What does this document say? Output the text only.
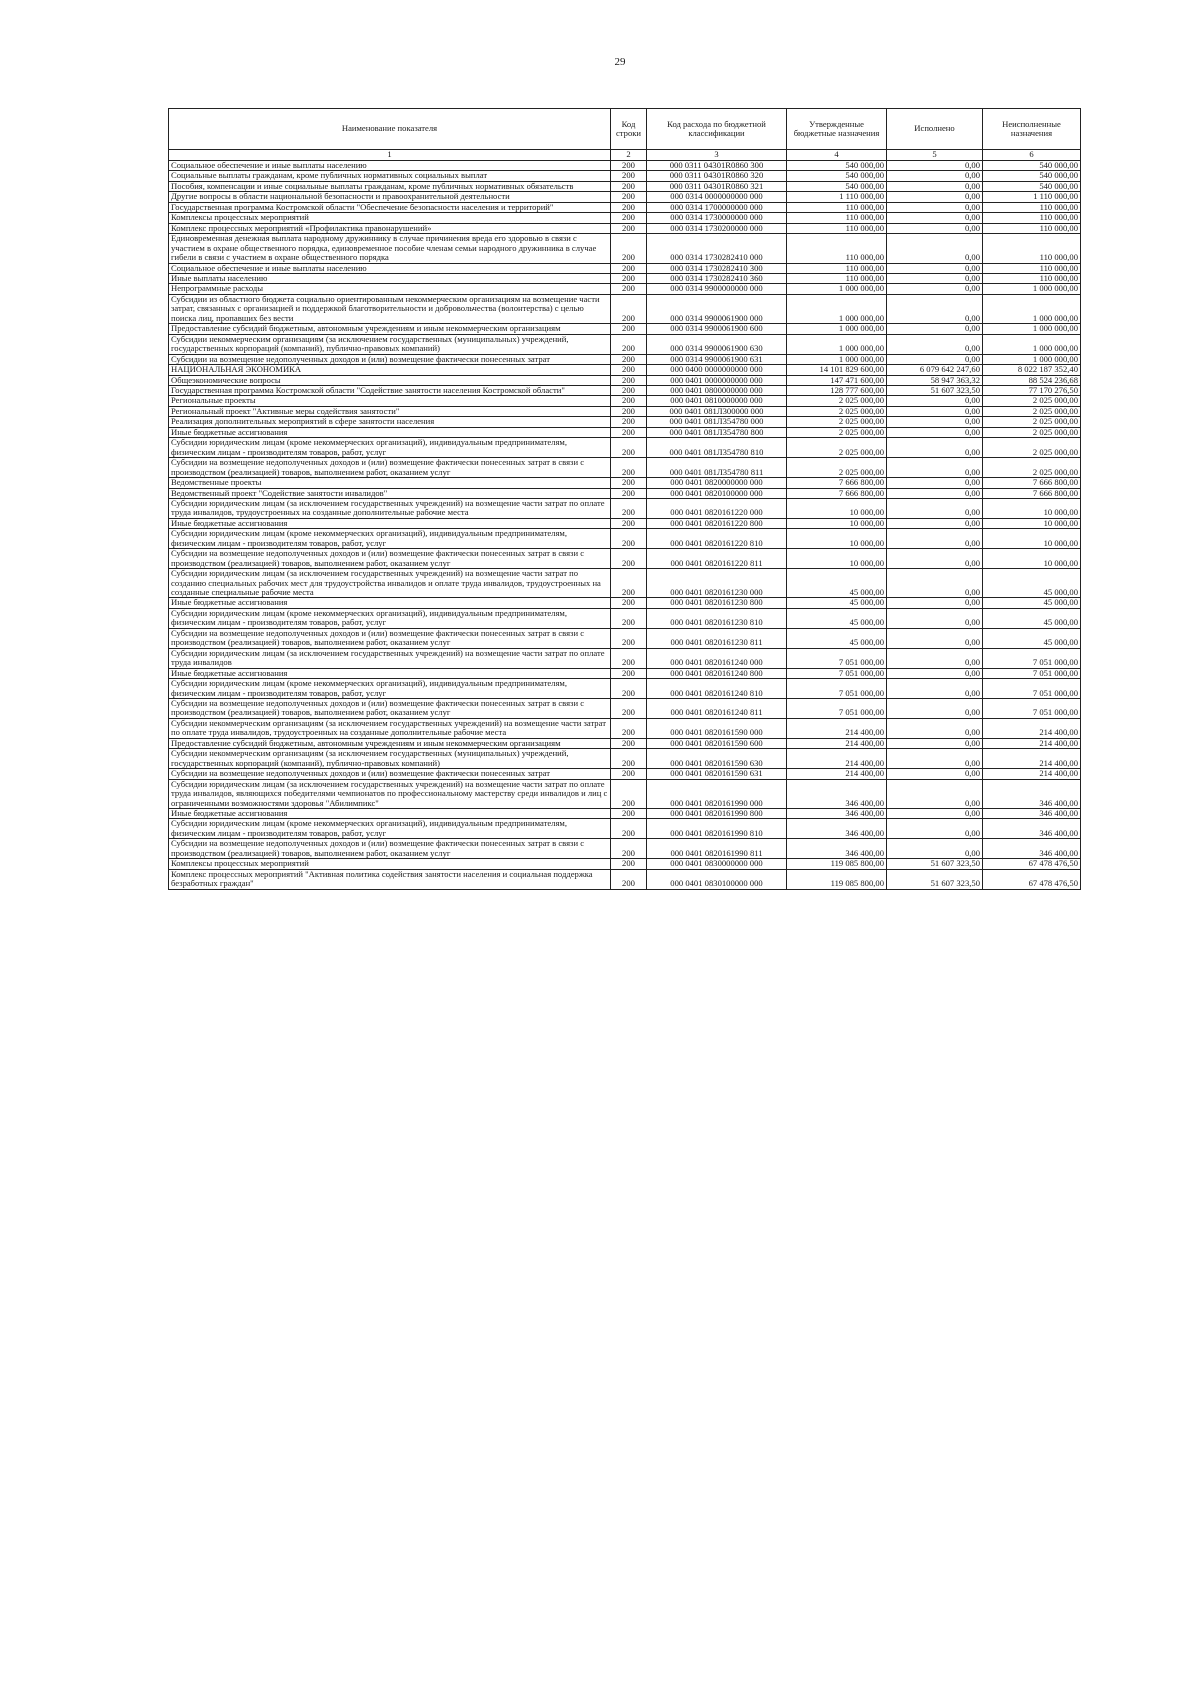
29
Наименование показателя	Код строки	Код расхода по бюджетной классификации	Утвержденные бюджетные назначения	Исполнено	Неисполненные назначения
1	2	3	4	5	6
Социальное обеспечение и иные выплаты населению	200	000 0311 04301R0860 300	540 000,00	0,00	540 000,00
Социальные выплаты гражданам, кроме публичных нормативных социальных выплат	200	000 0311 04301R0860 320	540 000,00	0,00	540 000,00
Пособия, компенсации и иные социальные выплаты гражданам, кроме публичных нормативных обязательств	200	000 0311 04301R0860 321	540 000,00	0,00	540 000,00
Другие вопросы в области национальной безопасности и правоохранительной деятельности	200	000 0314 0000000000 000	1 110 000,00	0,00	1 110 000,00
Государственная программа Костромской области "Обеспечение безопасности населения и территорий"	200	000 0314 1700000000 000	110 000,00	0,00	110 000,00
Комплексы процессных мероприятий	200	000 0314 1730000000 000	110 000,00	0,00	110 000,00
Комплекс процессных мероприятий «Профилактика правонарушений»	200	000 0314 1730200000 000	110 000,00	0,00	110 000,00
Единовременная денежная выплата народному дружиннику в случае причинения вреда его здоровью в связи с участием в охране общественного порядка, единовременное пособие членам семьи народного дружинника в случае гибели в связи с участием в охране общественного порядка	200	000 0314 1730282410 000	110 000,00	0,00	110 000,00
Социальное обеспечение и иные выплаты населению	200	000 0314 1730282410 300	110 000,00	0,00	110 000,00
Иные выплаты населению	200	000 0314 1730282410 360	110 000,00	0,00	110 000,00
Непрограммные расходы	200	000 0314 9900000000 000	1 000 000,00	0,00	1 000 000,00
Субсидии из областного бюджета социально ориентированным некоммерческим организациям на возмещение части затрат, связанных с организацией и поддержкой благотворительности и добровольчества (волонтерства) с целью поиска лиц, пропавших без вести	200	000 0314 9900061900 000	1 000 000,00	0,00	1 000 000,00
Предоставление субсидий бюджетным, автономным учреждениям и иным некоммерческим организациям	200	000 0314 9900061900 600	1 000 000,00	0,00	1 000 000,00
Субсидии некоммерческим организациям (за исключением государственных (муниципальных) учреждений, государственных корпораций (компаний), публично-правовых компаний)	200	000 0314 9900061900 630	1 000 000,00	0,00	1 000 000,00
Субсидии на возмещение недополученных доходов и (или) возмещение фактически понесенных затрат	200	000 0314 9900061900 631	1 000 000,00	0,00	1 000 000,00
НАЦИОНАЛЬНАЯ ЭКОНОМИКА	200	000 0400 0000000000 000	14 101 829 600,00	6 079 642 247,60	8 022 187 352,40
Общеэкономические вопросы	200	000 0401 0000000000 000	147 471 600,00	58 947 363,32	88 524 236,68
Государственная программа Костромской области "Содействие занятости населения Костромской области"	200	000 0401 0800000000 000	128 777 600,00	51 607 323,50	77 170 276,50
Региональные проекты	200	000 0401 0810000000 000	2 025 000,00	0,00	2 025 000,00
Региональный проект "Активные меры содействия занятости"	200	000 0401 081Л300000 000	2 025 000,00	0,00	2 025 000,00
Реализация дополнительных мероприятий в сфере занятости населения	200	000 0401 081Л354780 000	2 025 000,00	0,00	2 025 000,00
Иные бюджетные ассигнования	200	000 0401 081Л354780 800	2 025 000,00	0,00	2 025 000,00
Субсидии юридическим лицам (кроме некоммерческих организаций), индивидуальным предпринимателям, физическим лицам - производителям товаров, работ, услуг	200	000 0401 081Л354780 810	2 025 000,00	0,00	2 025 000,00
Субсидии на возмещение недополученных доходов и (или) возмещение фактически понесенных затрат в связи с производством (реализацией) товаров, выполнением работ, оказанием услуг	200	000 0401 081Л354780 811	2 025 000,00	0,00	2 025 000,00
Ведомственные проекты	200	000 0401 0820000000 000	7 666 800,00	0,00	7 666 800,00
Ведомственный проект "Содействие занятости инвалидов"	200	000 0401 0820100000 000	7 666 800,00	0,00	7 666 800,00
Субсидии юридическим лицам (за исключением государственных учреждений) на возмещение части затрат по оплате труда инвалидов, трудоустроенных на созданные дополнительные рабочие места	200	000 0401 0820161220 000	10 000,00	0,00	10 000,00
Иные бюджетные ассигнования	200	000 0401 0820161220 800	10 000,00	0,00	10 000,00
Субсидии юридическим лицам (кроме некоммерческих организаций), индивидуальным предпринимателям, физическим лицам - производителям товаров, работ, услуг	200	000 0401 0820161220 810	10 000,00	0,00	10 000,00
Субсидии на возмещение недополученных доходов и (или) возмещение фактически понесенных затрат в связи с производством (реализацией) товаров, выполнением работ, оказанием услуг	200	000 0401 0820161220 811	10 000,00	0,00	10 000,00
Субсидии юридическим лицам (за исключением государственных учреждений) на возмещение части затрат по созданию специальных рабочих мест для трудоустройства инвалидов и оплате труда инвалидов, трудоустроенных на созданные специальные рабочие места	200	000 0401 0820161230 000	45 000,00	0,00	45 000,00
Иные бюджетные ассигнования	200	000 0401 0820161230 800	45 000,00	0,00	45 000,00
Субсидии юридическим лицам (кроме некоммерческих организаций), индивидуальным предпринимателям, физическим лицам - производителям товаров, работ, услуг	200	000 0401 0820161230 810	45 000,00	0,00	45 000,00
Субсидии на возмещение недополученных доходов и (или) возмещение фактически понесенных затрат в связи с производством (реализацией) товаров, выполнением работ, оказанием услуг	200	000 0401 0820161230 811	45 000,00	0,00	45 000,00
Субсидии юридическим лицам (за исключением государственных учреждений) на возмещение части затрат по оплате труда инвалидов	200	000 0401 0820161240 000	7 051 000,00	0,00	7 051 000,00
Иные бюджетные ассигнования	200	000 0401 0820161240 800	7 051 000,00	0,00	7 051 000,00
Субсидии юридическим лицам (кроме некоммерческих организаций), индивидуальным предпринимателям, физическим лицам - производителям товаров, работ, услуг	200	000 0401 0820161240 810	7 051 000,00	0,00	7 051 000,00
Субсидии на возмещение недополученных доходов и (или) возмещение фактически понесенных затрат в связи с производством (реализацией) товаров, выполнением работ, оказанием услуг	200	000 0401 0820161240 811	7 051 000,00	0,00	7 051 000,00
Субсидии некоммерческим организациям (за исключением государственных учреждений) на возмещение части затрат по оплате труда инвалидов, трудоустроенных на созданные дополнительные рабочие места	200	000 0401 0820161590 000	214 400,00	0,00	214 400,00
Предоставление субсидий бюджетным, автономным учреждениям и иным некоммерческим организациям	200	000 0401 0820161590 600	214 400,00	0,00	214 400,00
Субсидии некоммерческим организациям (за исключением государственных (муниципальных) учреждений, государственных корпораций (компаний), публично-правовых компаний)	200	000 0401 0820161590 630	214 400,00	0,00	214 400,00
Субсидии на возмещение недополученных доходов и (или) возмещение фактически понесенных затрат	200	000 0401 0820161590 631	214 400,00	0,00	214 400,00
Субсидии юридическим лицам (за исключением государственных учреждений) на возмещение части затрат по оплате труда инвалидов, являющихся победителями чемпионатов по профессиональному мастерству среди инвалидов и лиц с ограниченными возможностями здоровья "Абилимпикс"	200	000 0401 0820161990 000	346 400,00	0,00	346 400,00
Иные бюджетные ассигнования	200	000 0401 0820161990 800	346 400,00	0,00	346 400,00
Субсидии юридическим лицам (кроме некоммерческих организаций), индивидуальным предпринимателям, физическим лицам - производителям товаров, работ, услуг	200	000 0401 0820161990 810	346 400,00	0,00	346 400,00
Субсидии на возмещение недополученных доходов и (или) возмещение фактически понесенных затрат в связи с производством (реализацией) товаров, выполнением работ, оказанием услуг	200	000 0401 0820161990 811	346 400,00	0,00	346 400,00
Комплексы процессных мероприятий	200	000 0401 0830000000 000	119 085 800,00	51 607 323,50	67 478 476,50
Комплекс процессных мероприятий "Активная политика содействия занятости населения и социальная поддержка безработных граждан"	200	000 0401 0830100000 000	119 085 800,00	51 607 323,50	67 478 476,50
